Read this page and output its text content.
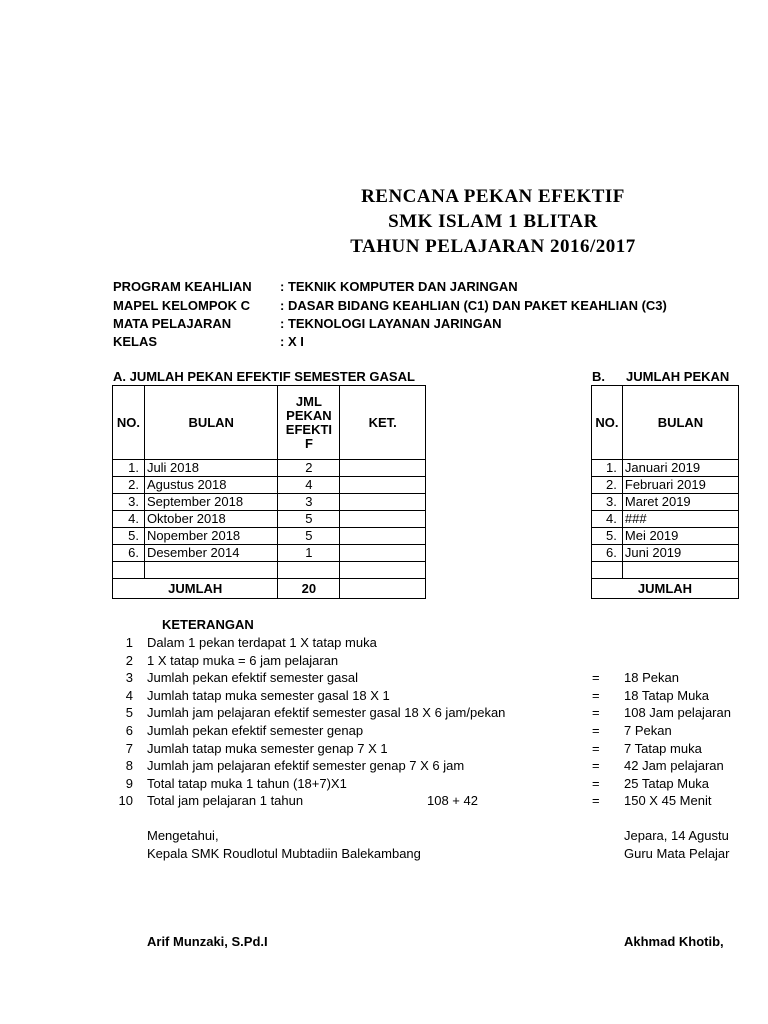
RENCANA PEKAN EFEKTIF
SMK ISLAM 1 BLITAR
TAHUN PELAJARAN 2016/2017
PROGRAM KEAHLIAN : TEKNIK KOMPUTER DAN JARINGAN
MAPEL KELOMPOK C : DASAR BIDANG KEAHLIAN (C1) DAN PAKET KEAHLIAN (C3)
MATA PELAJARAN	: TEKNOLOGI LAYANAN JARINGAN
KELAS	: X I
A. JUMLAH PEKAN EFEKTIF SEMESTER GASAL	B. JUMLAH PEKAN
NO.	BULAN	JML
PEKAN
EFEKTI
F	KET.
1.	Juli 2018	2	
2.	Agustus 2018	4	
3.	September 2018	3	
4.	Oktober 2018	5	
5.	Nopember 2018	5	
6.	Desember 2014	1	

JUMLAH		20	
NO.	BULAN
1.	Januari 2019
2.	Februari 2019
3.	Maret 2019
4.	###
5.	Mei 2019
6.	Juni 2019

JUMLAH	
KETERANGAN
1 Dalam 1 pekan terdapat 1 X tatap muka
2 1 X tatap muka = 6 jam pelajaran
3 Jumlah pekan efektif semester gasal	= 18 Pekan
4 Jumlah tatap muka semester gasal 18 X 1	= 18 Tatap Muka
5 Jumlah jam pelajaran efektif semester gasal 18 X 6 jam/pekan	= 108 Jam pelajaran
6 Jumlah pekan efektif semester genap	= 7 Pekan
7 Jumlah tatap muka semester genap 7 X 1	= 7 Tatap muka
8 Jumlah jam pelajaran efektif semester genap 7 X 6 jam	= 42 Jam pelajaran
9 Total tatap muka 1 tahun (18+7)X1	= 25 Tatap Muka
10 Total jam pelajaran 1 tahun	108 + 42	= 150 X 45 Menit
Mengetahui,
Kepala SMK Roudlotul Mubtadiin Balekambang
Jepara, 14 Agustu
Guru Mata Pelajar
Arif Munzaki, S.Pd.I	Akhmad Khotib,
